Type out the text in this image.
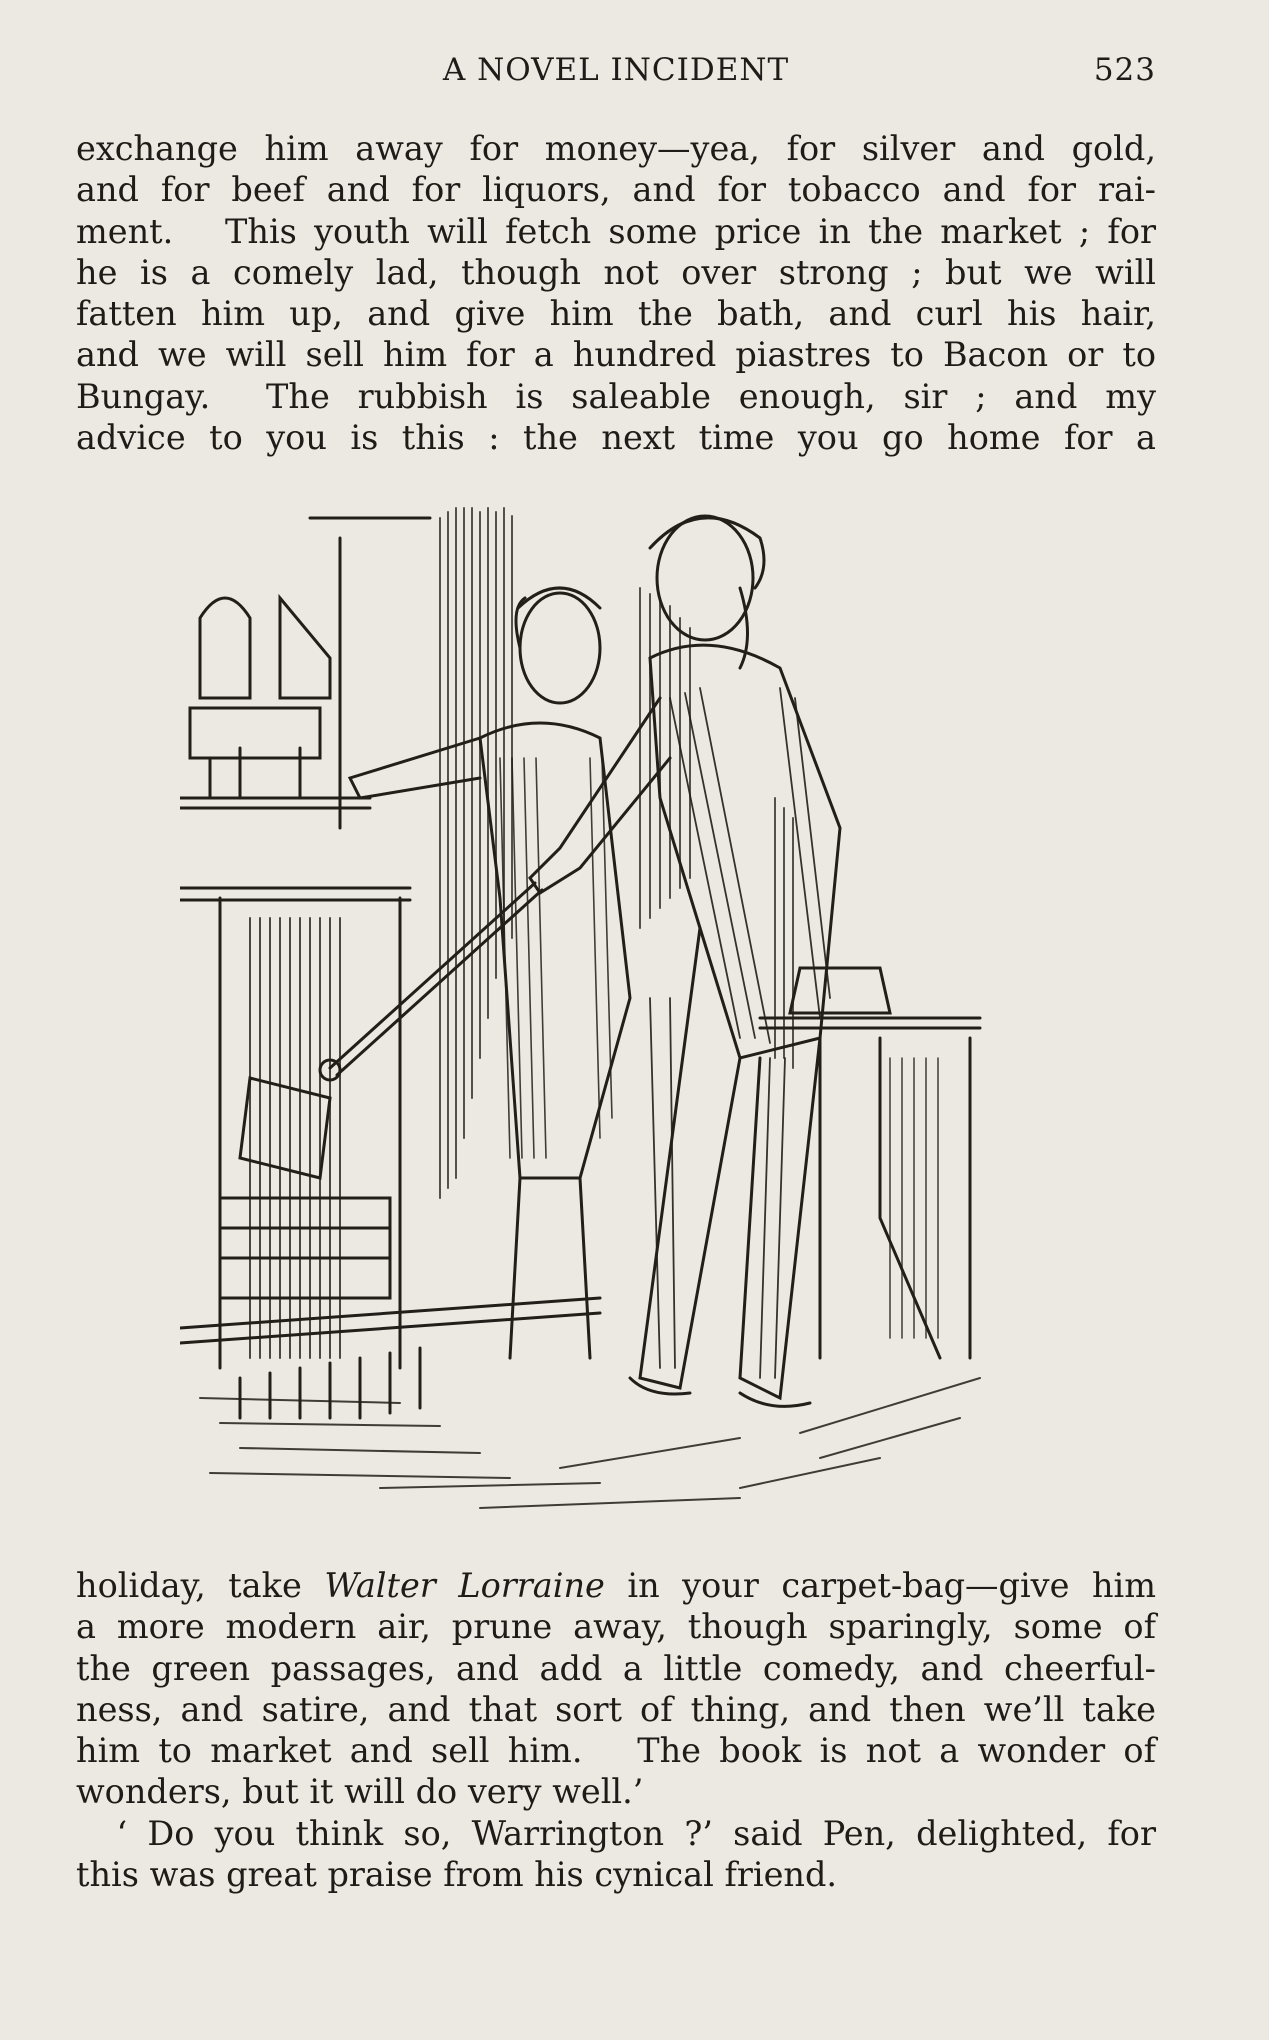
A NOVEL INCIDENT	523
exchange him away for money—yea, for silver and gold,
and for beef and for liquors, and for tobacco and for rai-
ment.   This youth will fetch some price in the market ; for
he is a comely lad, though not over strong ; but we will
fatten him up, and give him the bath, and curl his hair,
and we will sell him for a hundred piastres to Bacon or to
Bungay.  The rubbish is saleable enough, sir ; and my
advice to you is this : the next time you go home for a
holiday, take Walter Lorraine in your carpet-bag—give him
a more modern air, prune away, though sparingly, some of
the green passages, and add a little comedy, and cheerful-
ness, and satire, and that sort of thing, and then we’ll take
him to market and sell him.   The book is not a wonder of
wonders, but it will do very well.’
‘ Do you think so, Warrington ?’ said Pen, delighted, for
this was great praise from his cynical friend.
